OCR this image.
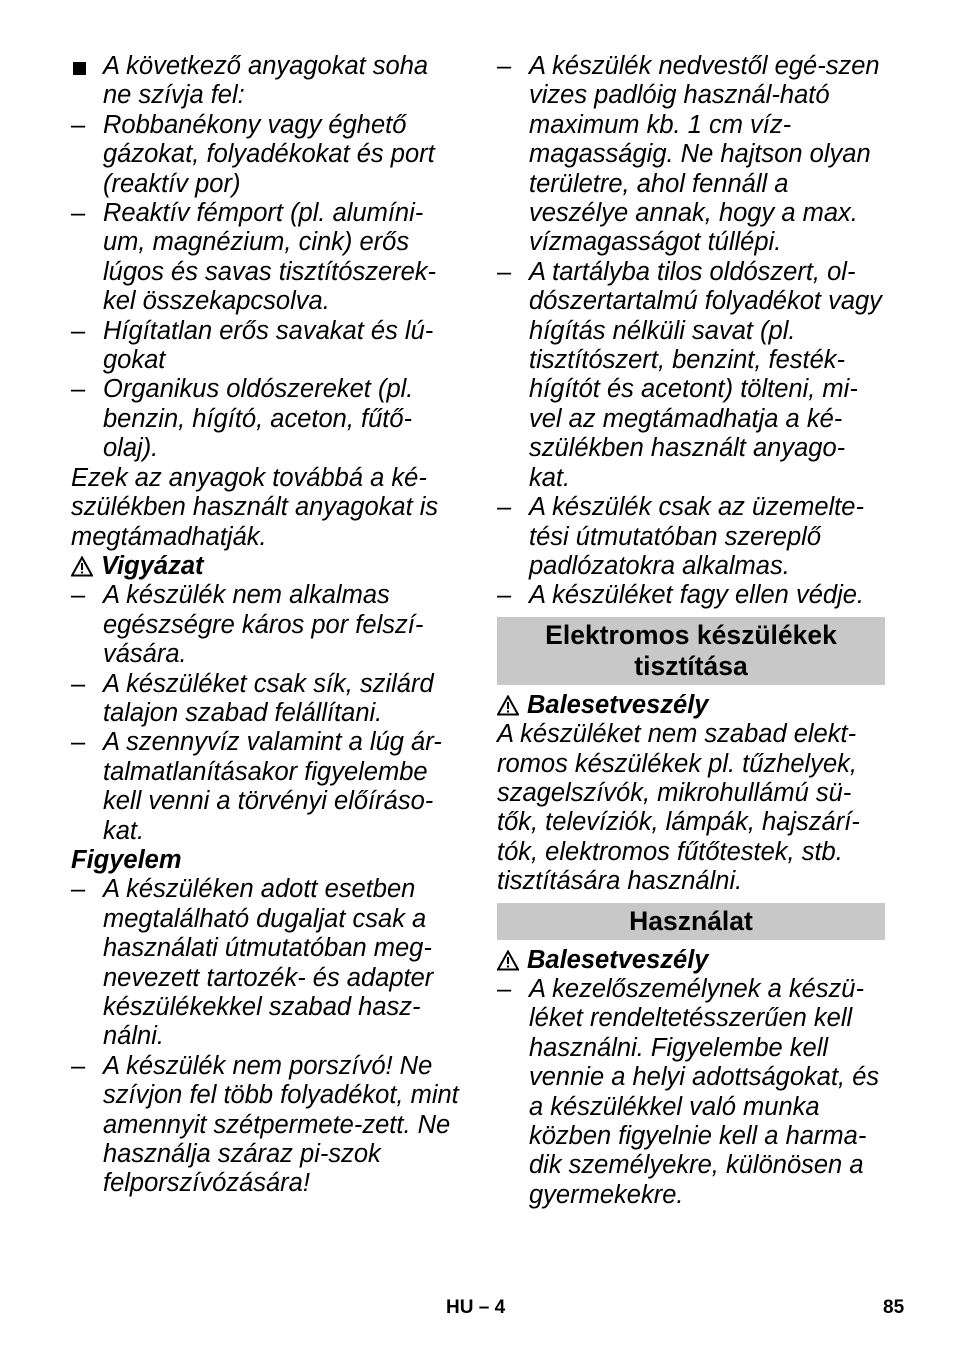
A következő anyagokat soha ne szívja fel:
–
Robbanékony vagy éghető gázokat, folyadékokat és port (reaktív por)
–
Reaktív fémport (pl. alumíni-um, magnézium, cink) erős lúgos és savas tisztítószerek-kel összekapcsolva.
–
Hígítatlan erős savakat és lú-gokat
–
Organikus oldószereket (pl. benzin, hígító, aceton, fűtő-olaj).
Ezek az anyagok továbbá a ké-szülékben használt anyagokat is megtámadhatják.
Vigyázat
–
A készülék nem alkalmas egészségre káros por felszí-vására.
–
A készüléket csak sík, szilárd talajon szabad felállítani.
–
A szennyvíz valamint a lúg ár-talmatlanításakor figyelembe kell venni a törvényi előíráso-kat.
Figyelem
–
A készüléken adott esetben megtalálható dugaljat csak a használati útmutatóban meg-nevezett tartozék- és adapter készülékekkel szabad hasz-nálni.
–
A készülék nem porszívó! Ne szívjon fel több folyadékot, mint amennyit szétpermete-zett. Ne használja száraz pi-szok felporszívózására!
–
A készülék nedvestől egé-szen vizes padlóig használ-ható maximum kb. 1 cm víz-magasságig. Ne hajtson olyan területre, ahol fennáll a veszélye annak, hogy a max. vízmagasságot túllépi.
–
A tartályba tilos oldószert, ol-dószertartalmú folyadékot vagy hígítás nélküli savat (pl. tisztítószert, benzint, festék-hígítót és acetont) tölteni, mi-vel az megtámadhatja a ké-szülékben használt anyago-kat.
–
A készülék csak az üzemelte-tési útmutatóban szereplő padlózatokra alkalmas.
–
A készüléket fagy ellen védje.
Elektromos készülékek tisztítása
Balesetveszély
A készüléket nem szabad elekt-romos készülékek pl. tűzhelyek, szagelszívók, mikrohullámú sü-tők, televíziók, lámpák, hajszárí-tók, elektromos fűtőtestek, stb. tisztítására használni.
Használat
Balesetveszély
–
A kezelőszemélynek a készü-léket rendeltetésszerűen kell használni. Figyelembe kell vennie a helyi adottságokat, és a készülékkel való munka közben figyelnie kell a harma-dik személyekre, különösen a gyermekekre.
HU – 4	85
